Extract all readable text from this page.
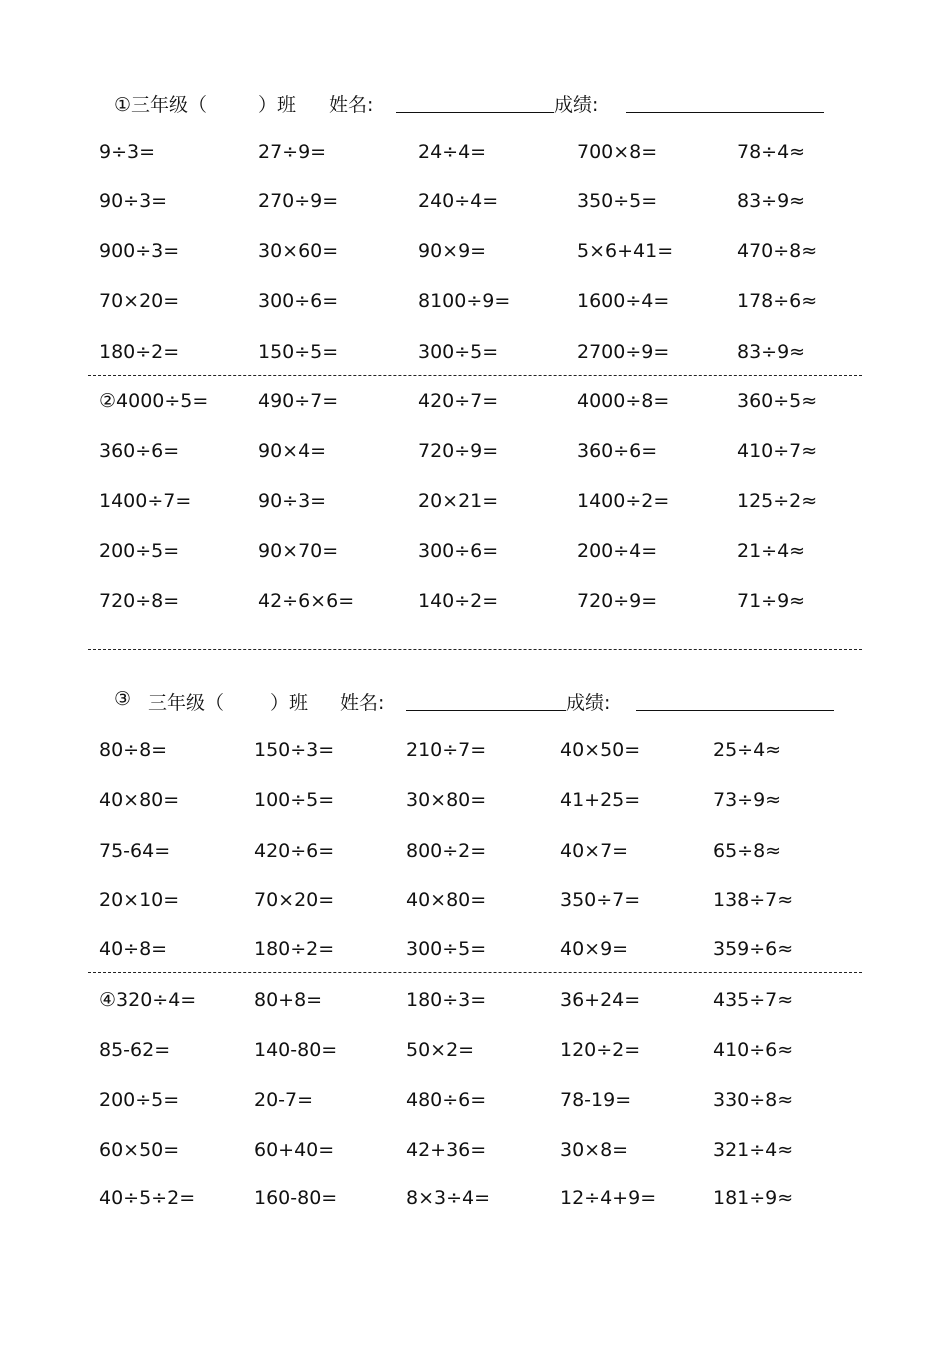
①三年级（	）班 姓名:	成绩:
9÷3=	27÷9=	24÷4=	700×8=	78÷4≈
90÷3=	270÷9=	240÷4=	350÷5=	83÷9≈
900÷3=	30×60=	90×9=	5×6+41=	470÷8≈
70×20=	300÷6=	8100÷9=	1600÷4=	178÷6≈
180÷2=	150÷5=	300÷5=	2700÷9=	83÷9≈
②4000÷5=	490÷7=	420÷7=	4000÷8=	360÷5≈
360÷6=	90×4=	720÷9=	360÷6=	410÷7≈
1400÷7=	90÷3=	20×21=	1400÷2=	125÷2≈
200÷5=	90×70=	300÷6=	200÷4=	21÷4≈
720÷8=	42÷6×6=	140÷2=	720÷9=	71÷9≈
③ 三年级（ ）班 姓名:	成绩:
80÷8=	150÷3=	210÷7=	40×50=	25÷4≈
40×80=	100÷5=	30×80=	41+25=	73÷9≈
75-64=	420÷6=	800÷2=	40×7=	65÷8≈
20×10=	70×20=	40×80=	350÷7=	138÷7≈
40÷8=	180÷2=	300÷5=	40×9=	359÷6≈
④320÷4=	80+8=	180÷3=	36+24=	435÷7≈
85-62=	140-80=	50×2=	120÷2=	410÷6≈
200÷5=	20-7=	480÷6=	78-19=	330÷8≈
60×50=	60+40=	42+36=	30×8=	321÷4≈
40÷5÷2=	160-80=	8×3÷4=	12÷4+9=	181÷9≈
